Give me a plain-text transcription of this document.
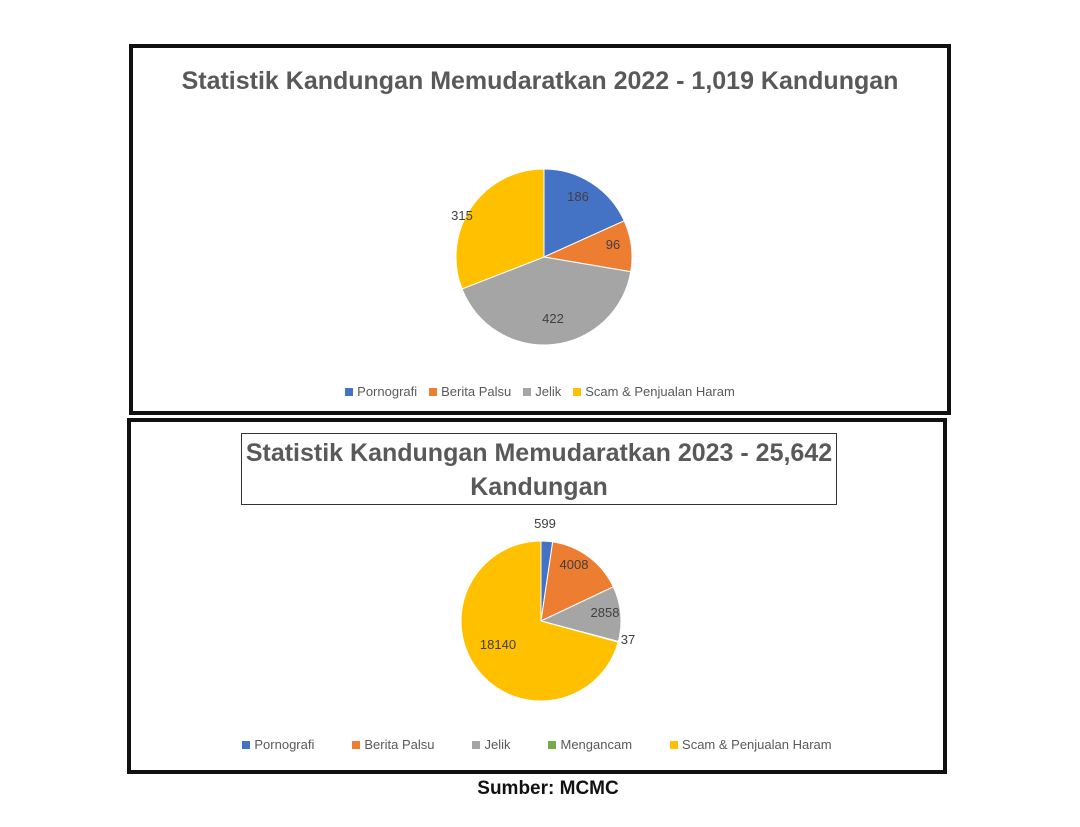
Statistik Kandungan Memudaratkan 2022 - 1,019 Kandungan
186
96
422
315
Pornografi Berita Palsu Jelik Scam & Penjualan Haram
Statistik Kandungan Memudaratkan 2023 - 25,642 Kandungan
599
4008
2858
37
18140
Pornografi	Berita Palsu	Jelik	Mengancam	Scam & Penjualan Haram
Sumber: MCMC
